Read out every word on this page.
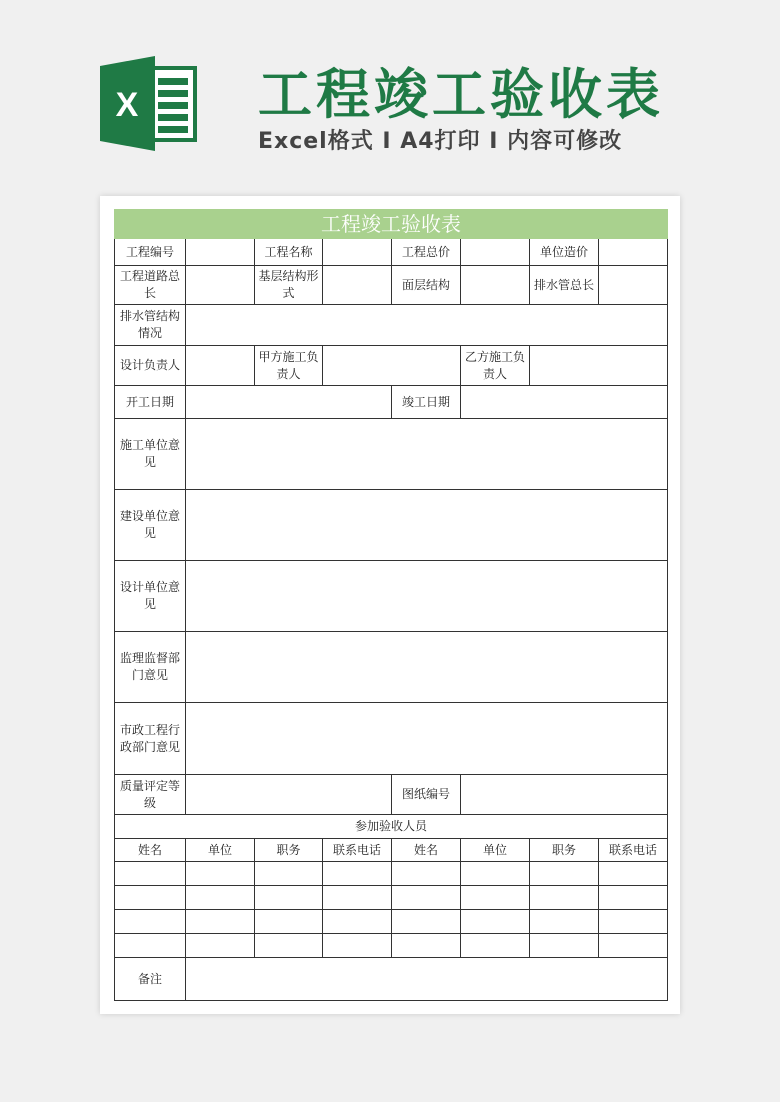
X 工程竣工验收表
Excel格式 I A4打印 I 内容可修改
工程竣工验收表							
工程编号		工程名称		工程总价		单位造价	
工程道路总长		基层结构形式		面层结构		排水管总长	
排水管结构情况							
设计负责人		甲方施工负责人			乙方施工负责人		
开工日期				竣工日期			
施工单位意见							
建设单位意见							
设计单位意见							
监理监督部门意见							
市政工程行政部门意见							
质量评定等级				图纸编号			
参加验收人员							
姓名	单位	职务	联系电话	姓名	单位	职务	联系电话

备注							
